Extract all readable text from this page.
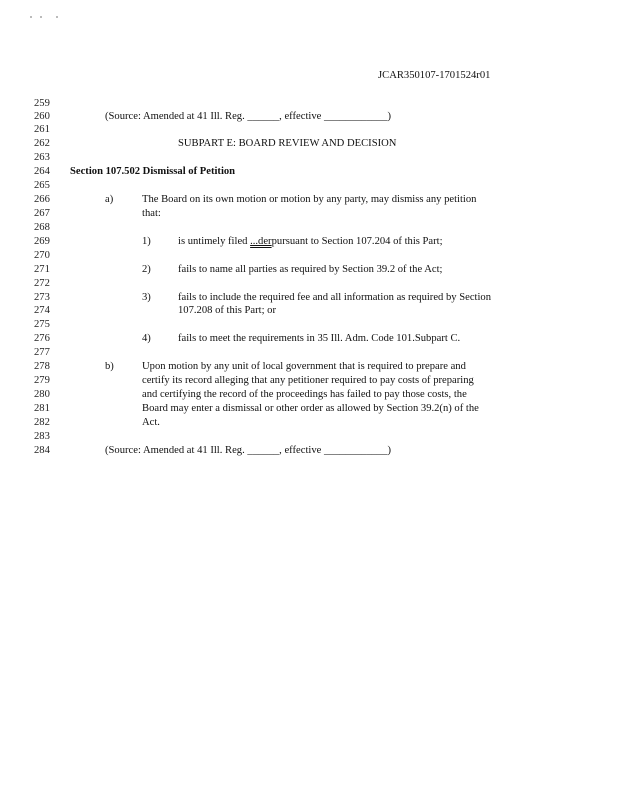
JCAR350107-1701524r01
259
260
261
262
263
264
265
266
267
268
269
270
271
272
273
274
275
276
277
278
279
280
281
282
283
284
(Source: Amended at 41 Ill. Reg. ______, effective ____________)
SUBPART E: BOARD REVIEW AND DECISION
Section 107.502 Dismissal of Petition
a)	The Board on its own motion or motion by any party, may dismiss any petition
that:
1)	is untimely filed ...derpursuant to Section 107.204 of this Part;
2)	fails to name all parties as required by Section 39.2 of the Act;
3)	fails to include the required fee and all information as required by Section
107.208 of this Part; or
4)	fails to meet the requirements in 35 Ill. Adm. Code 101.Subpart C.
b)	Upon motion by any unit of local government that is required to prepare and
certify its record alleging that any petitioner required to pay costs of preparing
and certifying the record of the proceedings has failed to pay those costs, the
Board may enter a dismissal or other order as allowed by Section 39.2(n) of the
Act.
(Source: Amended at 41 Ill. Reg. ______, effective ____________)
